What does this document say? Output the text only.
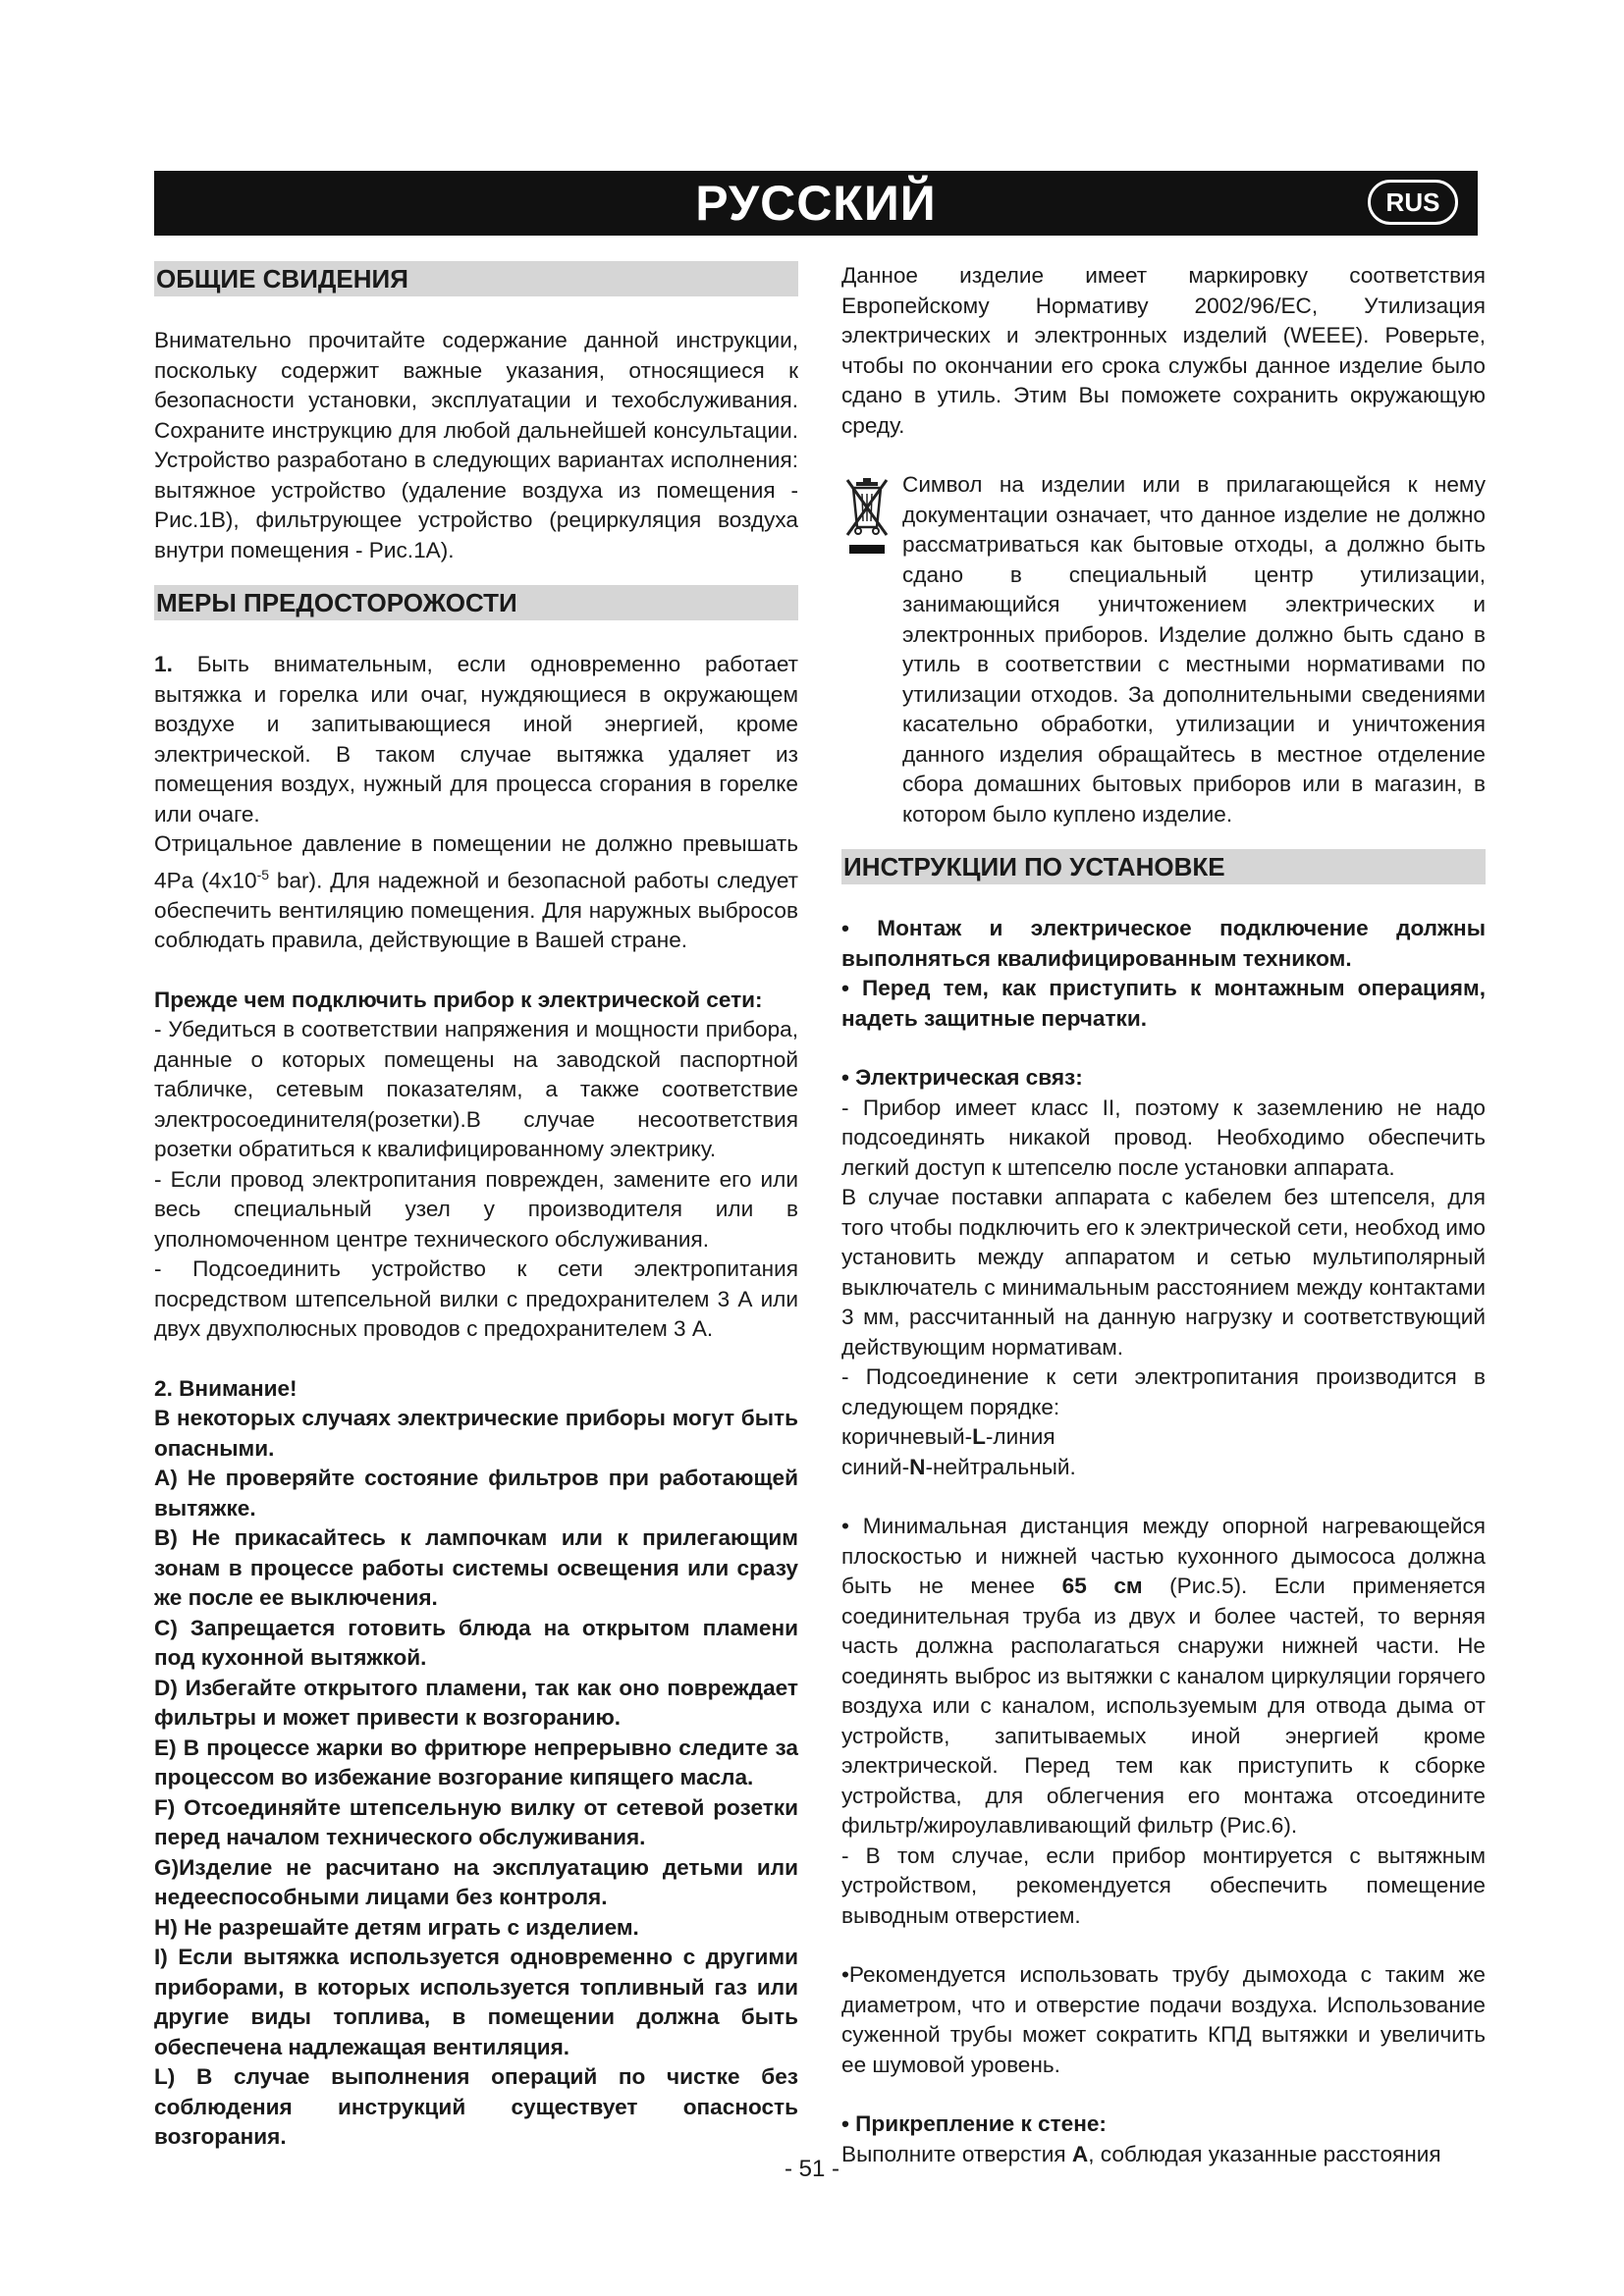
РУССКИЙ	RUS
ОБЩИЕ СВИДЕНИЯ

Внимательно прочитайте содержание данной инструкции, поскольку содержит важные указания, относящиеся к безопасности установки, эксплуатации и техобслуживания. Сохраните инструкцию для любой дальнейшей консультации. Устройство разработано в следующих вариантах исполнения: вытяжное устройство (удаление воздуха из помещения - Рис.1B), фильтрующее устройство (рециркуляция воздуха внутри помещения - Рис.1A).

МЕРЫ ПРЕДОСТОРОЖОСТИ

1. Быть внимательным, если одновременно работает вытяжка и горелка или очаг, нуждяющиеся в окружающем воздухе и запитывающиеся иной энергией, кроме электрической. В таком случае вытяжка удаляет из помещения воздух, нужный для процесса сгорания в горелке или очаге.

Отрицальное давление в помещении не должно превышать 4Pa ($4x10^{-5}$ bar). Для надежной и безопасной работы следует обеспечить вентиляцию помещения. Для наружных выбросов соблюдать правила, действующие в Вашей стране.

Прежде чем подключить прибор к электрической сети:

- Убедиться в соответствии напряжения и мощности прибора, данные о которых помещены на заводской паспортной табличке, сетевым показателям, а также соответствие электросоединителя(розетки).В случае несоответствия розетки обратиться к квалифицированному электрику.

- Если провод электропитания поврежден, замените его или весь специальный узел у производителя или в уполномоченном центре технического обслуживания.

- Подсоединить устройство к сети электропитания посредством штепсельной вилки с предохранителем 3 А или двух двухполюсных проводов с предохранителем 3 А.

2. Внимание!

В некоторых случаях электрические приборы могут быть опасными.

A) Не проверяйте состояние фильтров при работающей вытяжке.

B) Не прикасайтесь к лампочкам или к прилегающим зонам в процессе работы системы освещения или сразу же после ее выключения.

C) Запрещается готовить блюда на открытом пламени под кухонной вытяжкой.

D) Избегайте открытого пламени, так как оно повреждает фильтры и может привести к возгоранию.

E) В процессе жарки во фритюре непрерывно следите за процессом во избежание возгорание кипящего масла.

F) Отсоединяйте штепсельную вилку от сетевой розетки перед началом технического обслуживания.

G)Изделие не расчитано на эксплуатацию детьми или недееспособными лицами без контроля.

H) Не разрешайте детям играть с изделием.

I) Если вытяжка используется одновременно с другими приборами, в которых используется топливный газ или другие виды топлива, в помещении должна быть обеспечена надлежащая вентиляция.

L) В случае выполнения операций по чистке без соблюдения инструкций существует опасность возгорания.

Данное изделие имеет маркировку соответствия Европейскому Нормативу 2002/96/EC, Утилизация электрических и электронных изделий (WEEE). Роверьте, чтобы по окончании его срока службы данное изделие было сдано в утиль. Этим Вы поможете сохранить окружающую среду.

Символ на изделии или в прилагающейся к нему документации означает, что данное изделие не должно рассматриваться как бытовые отходы, а должно быть сдано в специальный центр утилизации, занимающийся уничтожением электрических и электронных приборов. Изделие должно быть сдано в утиль в соответствии с местными нормативами по утилизации отходов. За дополнительными сведениями касательно обработки, утилизации и уничтожения данного изделия обращайтесь в местное отделение сбора домашних бытовых приборов или в магазин, в котором было куплено изделие.

ИНСТРУКЦИИ ПО УСТАНОВКЕ

• Монтаж и электрическое подключение должны выполняться квалифицированным техником.

• Перед тем, как приступить к монтажным операциям, надеть защитные перчатки.

• Электрическая связ:

- Прибор имеет класс II, поэтому к заземлению не надо подсоединять никакой провод. Необходимо обеспечить легкий доступ к штепселю после установки аппарата.

В случае поставки аппарата с кабелем без штепселя, для того чтобы подключить его к электрической сети, необход имо установить между аппаратом и сетью мультиполярный выключатель с минимальным расстоянием между контактами 3 мм, рассчитанный на данную нагрузку и соответствующий действующим нормативам.

- Подсоединение к сети электропитания производится в следующем порядке:

коричневый-L-линия

синий-N-нейтральный.

• Минимальная дистанция между опорной нагревающейся плоскостью и нижней частью кухонного дымососа должна быть не менее 65 см (Рис.5). Если применяется соединительная труба из двух и более частей, то верняя часть должна располагаться снаружи нижней части. Не соединять выброс из вытяжки с каналом циркуляции горячего воздуха или с каналом, используемым для отвода дыма от устройств, запитываемых иной энергией кроме электрической. Перед тем как приступить к сборке устройства, для облегчения его монтажа отсоедините фильтр/жироулавливающий фильтр (Рис.6).

- В том случае, если прибор монтируется с вытяжным устройством, рекомендуется обеспечить помещение выводным отверстием.

•Рекомендуется использовать трубу дымохода с таким же диаметром, что и отверстие подачи воздуха. Использование суженной трубы может сократить КПД вытяжки и увеличить ее шумовой уровень.

• Прикрепление к стене:

Выполните отверстия A, соблюдая указанные расстояния

- 51 -
